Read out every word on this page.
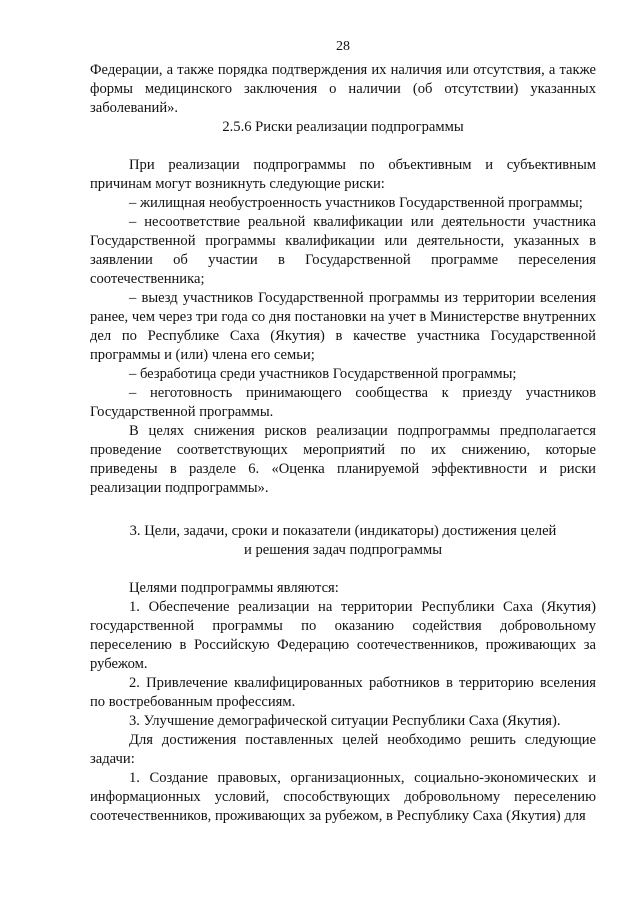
28

Федерации, а также порядка подтверждения их наличия или отсутствия, а также формы медицинского заключения о наличии (об отсутствии) указанных заболеваний».

2.5.6 Риски реализации подпрограммы

При реализации подпрограммы по объективным и субъективным причинам могут возникнуть следующие риски:

– жилищная необустроенность участников Государственной программы;

– несоответствие реальной квалификации или деятельности участника Государственной программы квалификации или деятельности, указанных в заявлении об участии в Государственной программе переселения соотечественника;

– выезд участников Государственной программы из территории вселения ранее, чем через три года со дня постановки на учет в Министерстве внутренних дел по Республике Саха (Якутия) в качестве участника Государственной программы и (или) члена его семьи;

– безработица среди участников Государственной программы;

– неготовность принимающего сообщества к приезду участников Государственной программы.

В целях снижения рисков реализации подпрограммы предполагается проведение соответствующих мероприятий по их снижению, которые приведены в разделе 6. «Оценка планируемой эффективности и риски реализации подпрограммы».

3. Цели, задачи, сроки и показатели (индикаторы) достижения целей
и решения задач подпрограммы

Целями подпрограммы являются:

1. Обеспечение реализации на территории Республики Саха (Якутия) государственной программы по оказанию содействия добровольному переселению в Российскую Федерацию соотечественников, проживающих за рубежом.

2. Привлечение квалифицированных работников в территорию вселения по востребованным профессиям.

3. Улучшение демографической ситуации Республики Саха (Якутия).

Для достижения поставленных целей необходимо решить следующие задачи:

1. Создание правовых, организационных, социально-экономических и информационных условий, способствующих добровольному переселению соотечественников, проживающих за рубежом, в Республику Саха (Якутия) для
